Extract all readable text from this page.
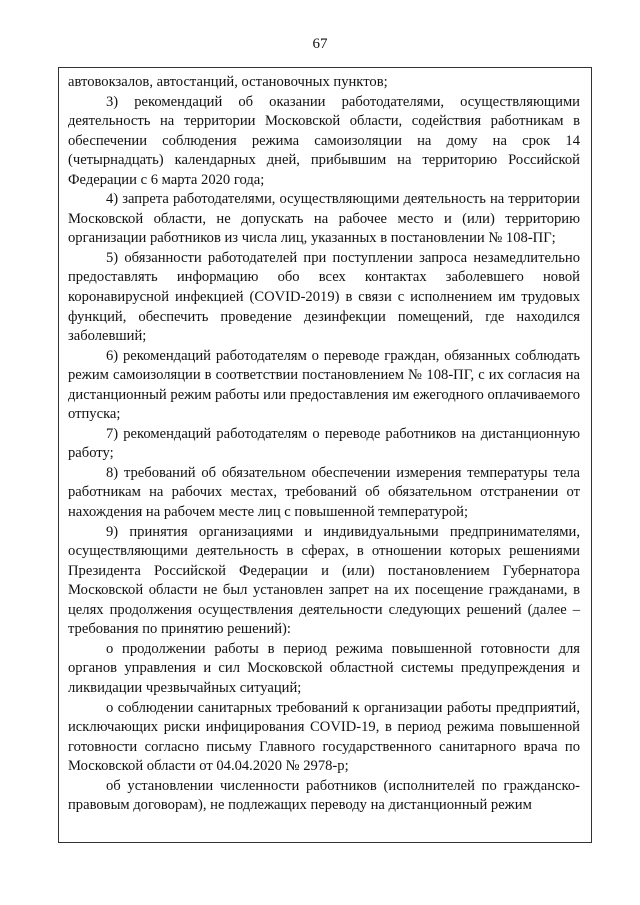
67

автовокзалов, автостанций, остановочных пунктов;

3) рекомендаций об оказании работодателями, осуществляющими деятельность на территории Московской области, содействия работникам в обеспечении соблюдения режима самоизоляции на дому на срок 14 (четырнадцать) календарных дней, прибывшим на территорию Российской Федерации с 6 марта 2020 года;

4) запрета работодателями, осуществляющими деятельность на территории Московской области, не допускать на рабочее место и (или) территорию организации работников из числа лиц, указанных в постановлении № 108-ПГ;

5) обязанности работодателей при поступлении запроса незамедлительно предоставлять информацию обо всех контактах заболевшего новой коронавирусной инфекцией (COVID-2019) в связи с исполнением им трудовых функций, обеспечить проведение дезинфекции помещений, где находился заболевший;

6) рекомендаций работодателям о переводе граждан, обязанных соблюдать режим самоизоляции в соответствии постановлением № 108-ПГ, с их согласия на дистанционный режим работы или предоставления им ежегодного оплачиваемого отпуска;

7) рекомендаций работодателям о переводе работников на дистанционную работу;

8) требований об обязательном обеспечении измерения температуры тела работникам на рабочих местах, требований об обязательном отстранении от нахождения на рабочем месте лиц с повышенной температурой;

9) принятия организациями и индивидуальными предпринимателями, осуществляющими деятельность в сферах, в отношении которых решениями Президента Российской Федерации и (или) постановлением Губернатора Московской области не был установлен запрет на их посещение гражданами, в целях продолжения осуществления деятельности следующих решений (далее – требования по принятию решений):

о продолжении работы в период режима повышенной готовности для органов управления и сил Московской областной системы предупреждения и ликвидации чрезвычайных ситуаций;

о соблюдении санитарных требований к организации работы предприятий, исключающих риски инфицирования COVID-19, в период режима повышенной готовности согласно письму Главного государственного санитарного врача по Московской области от 04.04.2020 № 2978-р;

об установлении численности работников (исполнителей по гражданско-правовым договорам), не подлежащих переводу на дистанционный режим
